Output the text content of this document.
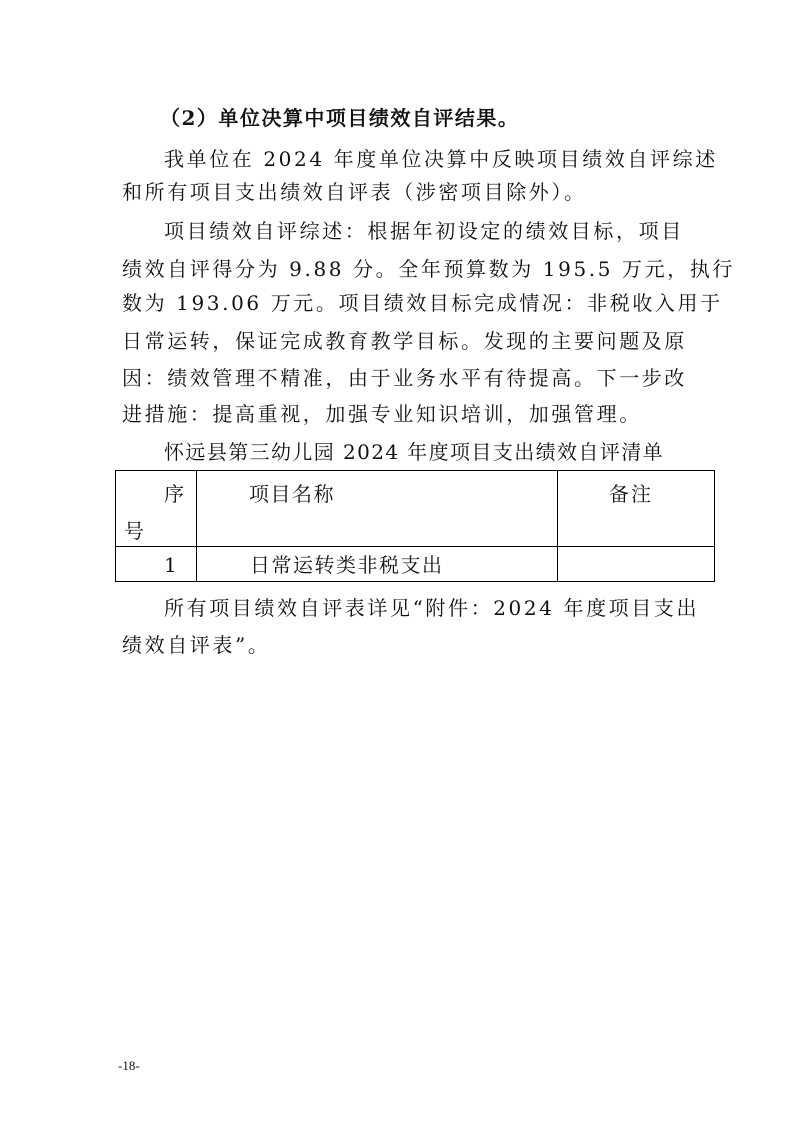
（2）单位决算中项目绩效自评结果。
我单位在 2024 年度单位决算中反映项目绩效自评综述
和所有项目支出绩效自评表（涉密项目除外）。
项目绩效自评综述：根据年初设定的绩效目标，项目
绩效自评得分为 9.88 分。全年预算数为 195.5 万元，执行
数为 193.06 万元。项目绩效目标完成情况：非税收入用于
日常运转，保证完成教育教学目标。发现的主要问题及原
因：绩效管理不精准，由于业务水平有待提高。下一步改
进措施：提高重视，加强专业知识培训，加强管理。
怀远县第三幼儿园 2024 年度项目支出绩效自评清单
序
号	项目名称	备注

1	日常运转类非税支出	

所有项目绩效自评表详见“附件：2024 年度项目支出
绩效自评表”。
-18-
